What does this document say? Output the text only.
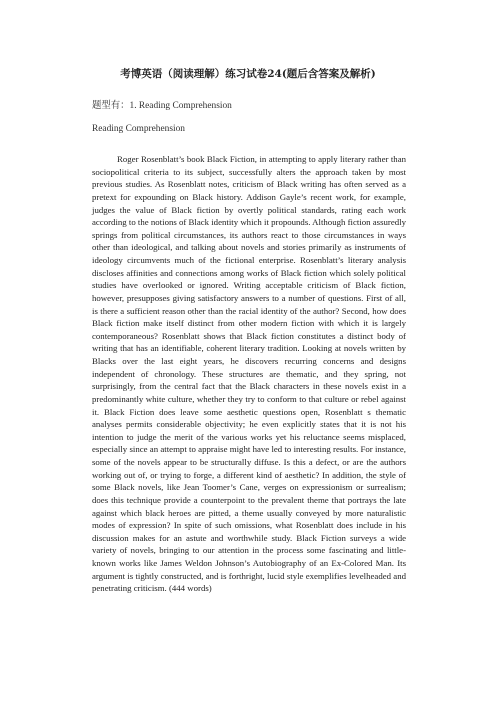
考博英语（阅读理解）练习试卷24(题后含答案及解析)
题型有：1. Reading Comprehension
Reading Comprehension

Roger Rosenblatt’s book Black Fiction, in attempting to apply literary rather than sociopolitical criteria to its subject, successfully alters the approach taken by most previous studies. As Rosenblatt notes, criticism of Black writing has often served as a pretext for expounding on Black history. Addison Gayle’s recent work, for example, judges the value of Black fiction by overtly political standards, rating each work according to the notions of Black identity which it propounds. Although fiction assuredly springs from political circumstances, its authors react to those circumstances in ways other than ideological, and talking about novels and stories primarily as instruments of ideology circumvents much of the fictional enterprise. Rosenblatt’s literary analysis discloses affinities and connections among works of Black fiction which solely political studies have overlooked or ignored. Writing acceptable criticism of Black fiction, however, presupposes giving satisfactory answers to a number of questions. First of all, is there a sufficient reason other than the racial identity of the author? Second, how does Black fiction make itself distinct from other modern fiction with which it is largely contemporaneous? Rosenblatt shows that Black fiction constitutes a distinct body of writing that has an identifiable, coherent literary tradition. Looking at novels written by Blacks over the last eight years, he discovers recurring concerns and designs independent of chronology. These structures are thematic, and they spring, not surprisingly, from the central fact that the Black characters in these novels exist in a predominantly white culture, whether they try to conform to that culture or rebel against it. Black Fiction does leave some aesthetic questions open, Rosenblatt s thematic analyses permits considerable objectivity; he even explicitly states that it is not his intention to judge the merit of the various works yet his reluctance seems misplaced, especially since an attempt to appraise might have led to interesting results. For instance, some of the novels appear to be structurally diffuse. Is this a defect, or are the authors working out of, or trying to forge, a different kind of aesthetic? In addition, the style of some Black novels, like Jean Toomer’s Cane, verges on expressionism or surrealism; does this technique provide a counterpoint to the prevalent theme that portrays the late against which black heroes are pitted, a theme usually conveyed by more naturalistic modes of expression? In spite of such omissions, what Rosenblatt does include in his discussion makes for an astute and worthwhile study. Black Fiction surveys a wide variety of novels, bringing to our attention in the process some fascinating and little-known works like James Weldon Johnson’s Autobiography of an Ex-Colored Man. Its argument is tightly constructed, and is forthright, lucid style exemplifies levelheaded and penetrating criticism. (444 words)
